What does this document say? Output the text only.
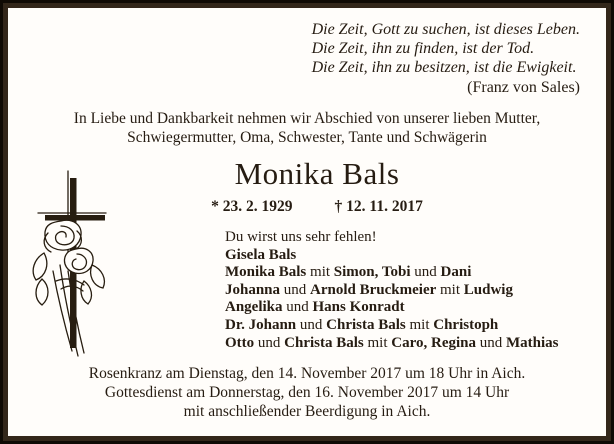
Die Zeit, Gott zu suchen, ist dieses Leben.
Die Zeit, ihn zu finden, ist der Tod.
Die Zeit, ihn zu besitzen, ist die Ewigkeit.
(Franz von Sales)
In Liebe und Dankbarkeit nehmen wir Abschied von unserer lieben Mutter,
Schwiegermutter, Oma, Schwester, Tante und Schwägerin
Monika Bals
* 23. 2. 1929	† 12. 11. 2017
Du wirst uns sehr fehlen!
Gisela Bals
Monika Bals mit Simon, Tobi und Dani
Johanna und Arnold Bruckmeier mit Ludwig
Angelika und Hans Konradt
Dr. Johann und Christa Bals mit Christoph
Otto und Christa Bals mit Caro, Regina und Mathias
Rosenkranz am Dienstag, den 14. November 2017 um 18 Uhr in Aich.
Gottesdienst am Donnerstag, den 16. November 2017 um 14 Uhr
mit anschließender Beerdigung in Aich.
